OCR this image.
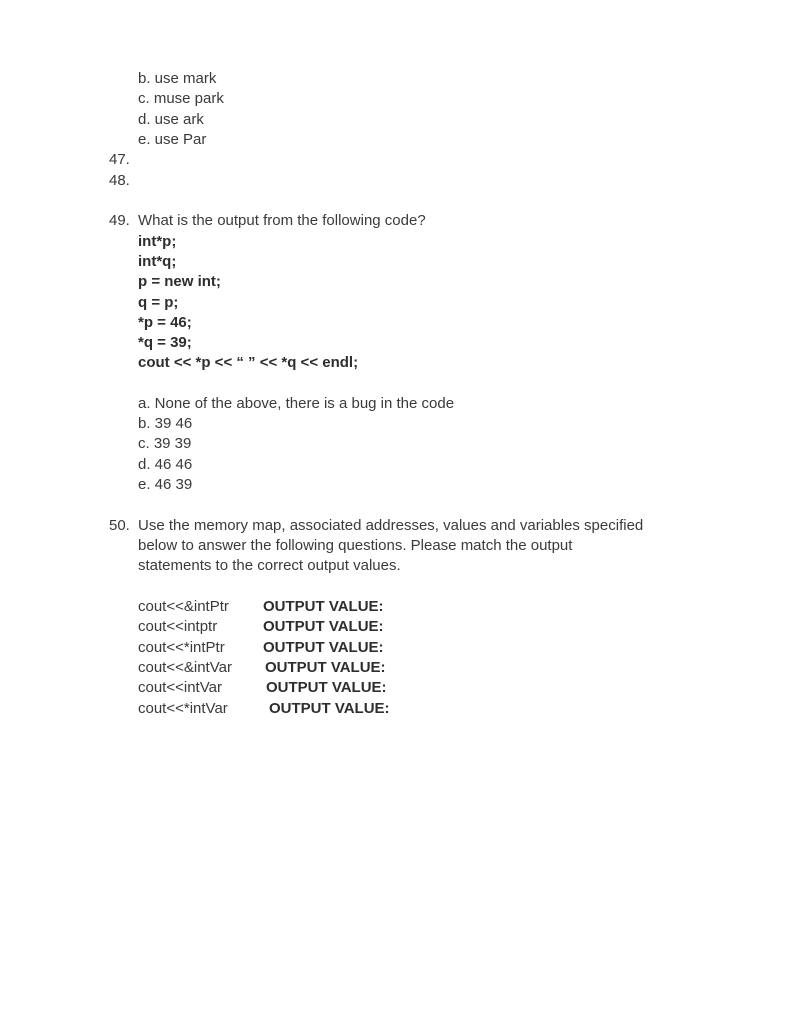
b. use mark
c. muse park
d. use ark
e. use Par
47.
48.
49. What is the output from the following code?
int*p;
int*q;
p = new int;
q = p;
*p = 46;
*q = 39;
cout << *p << “ ” << *q << endl;
a. None of the above, there is a bug in the code
b. 39 46
c. 39 39
d. 46 46
e. 46 39
50. Use the memory map, associated addresses, values and variables specified
below to answer the following questions. Please match the output
statements to the correct output values.
cout<<&intPtr OUTPUT VALUE:
cout<<intptr	OUTPUT VALUE:
cout<<*intPtr	OUTPUT VALUE:
cout<<&intVar OUTPUT VALUE:
cout<<intVar	OUTPUT VALUE:
cout<<*intVar	OUTPUT VALUE:
